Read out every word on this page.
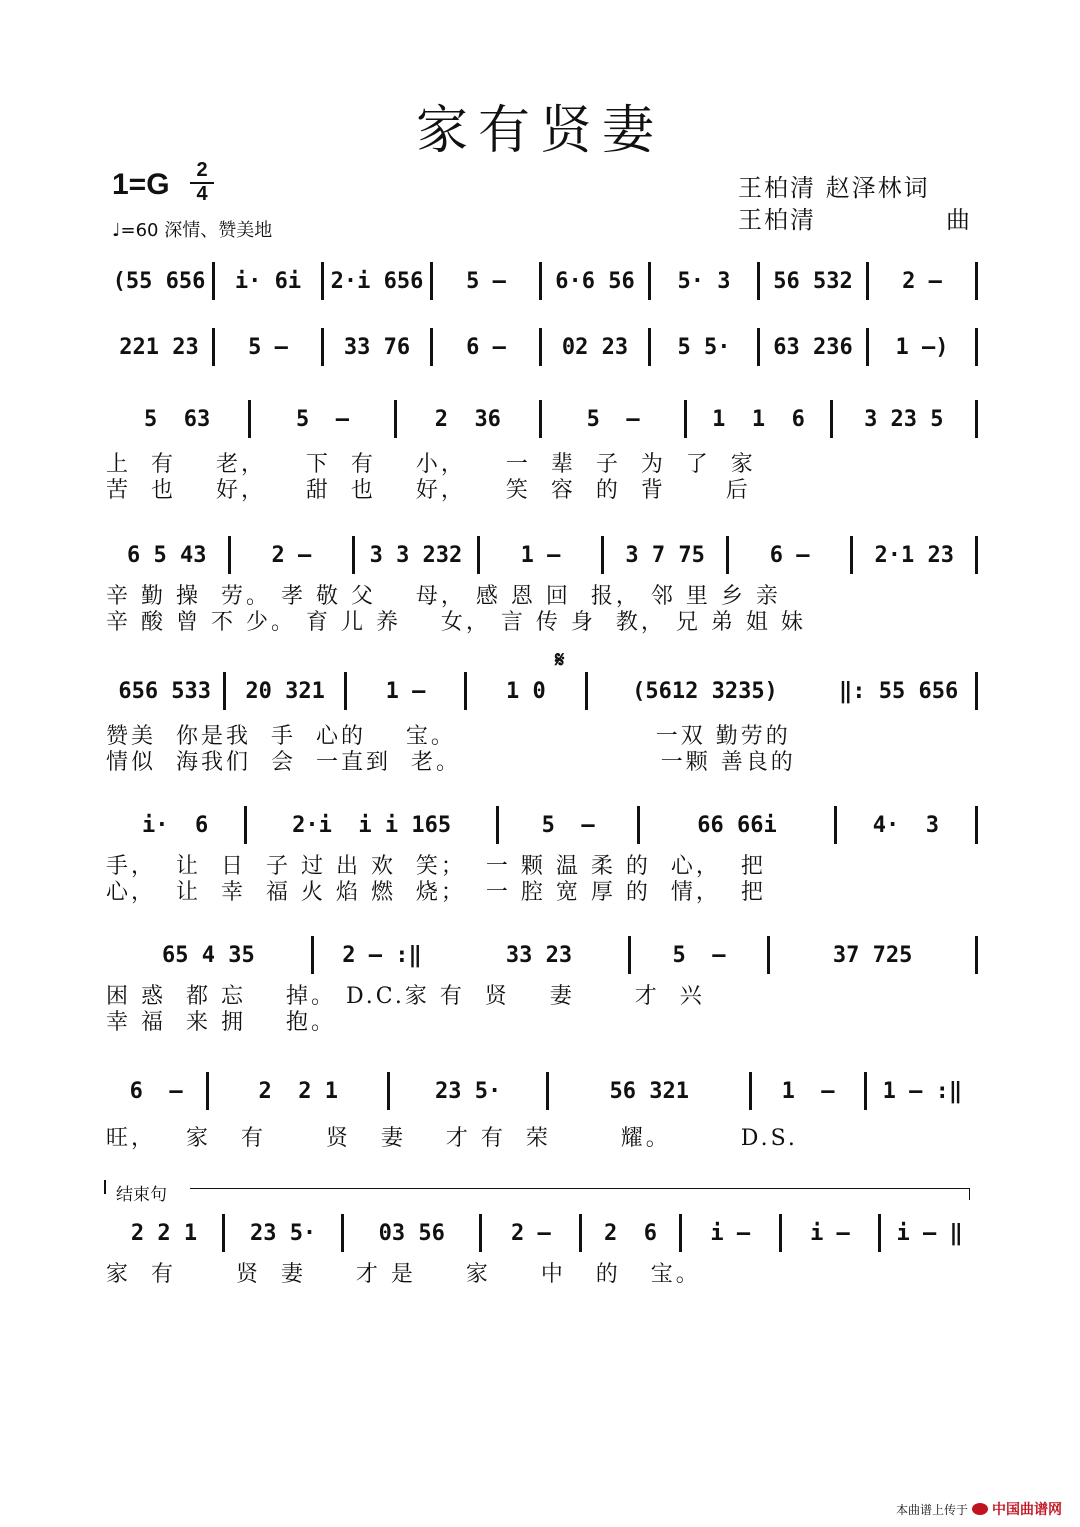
家有贤妻
1=G	2
4
♩=60 深情、赞美地
王柏清 赵泽林词
王柏清	曲
(55 656	i· 6i	2·i 656	5 –	6·6 56	5· 3	56 532	2 –
221 23	5 –	33 76	6 –	02 23	5 5·	63 236	1 –)
5  63	5  –	2  36	5  –	1  1  6	3 23 5
上  有    老，    下  有    小，    一  辈  子  为  了  家
苦  也    好，    甜  也    好，    笑  容  的  背      后
6 5 43	2 –	3 3 232	1 –	3 7 75	6 –	2·1 23
辛 勤 操  劳。 孝 敬 父    母， 感 恩 回  报， 邻 里 乡 亲
辛 酸 曾 不 少。 育 儿 养    女， 言 传 身  教， 兄 弟 姐 妹
𝄋
656 533	20 321	1 –	1 0	(5612 3235)	‖: 55 656
赞美  你是我  手  心的    宝。                    一双 勤劳的
情似  海我们  会  一直到  老。                    一颗 善良的
i·  6	2·i  i i 165	5  –	66 66i	4·  3
手，  让  日  子 过 出 欢  笑；  一 颗 温 柔 的  心，  把
心，  让  幸  福 火 焰 燃  烧；  一 腔 宽 厚 的  情，  把
65 4 35	2 – :‖	33 23	5  –	37 725
困 惑  都 忘    掉。 D.C.家 有  贤    妻      才  兴
幸 福  来 拥    抱。
6  –	2  2 1	23 5·	56 321	1  –	1 – :‖
旺，   家   有      贤   妻    才 有  荣       耀。       D.S.
结束句
2 2 1	23 5·	03 56	2 –	2  6	i –	i –	i – ‖
家  有      贤  妻     才 是     家     中   的   宝。
本曲谱上传于 中国曲谱网
